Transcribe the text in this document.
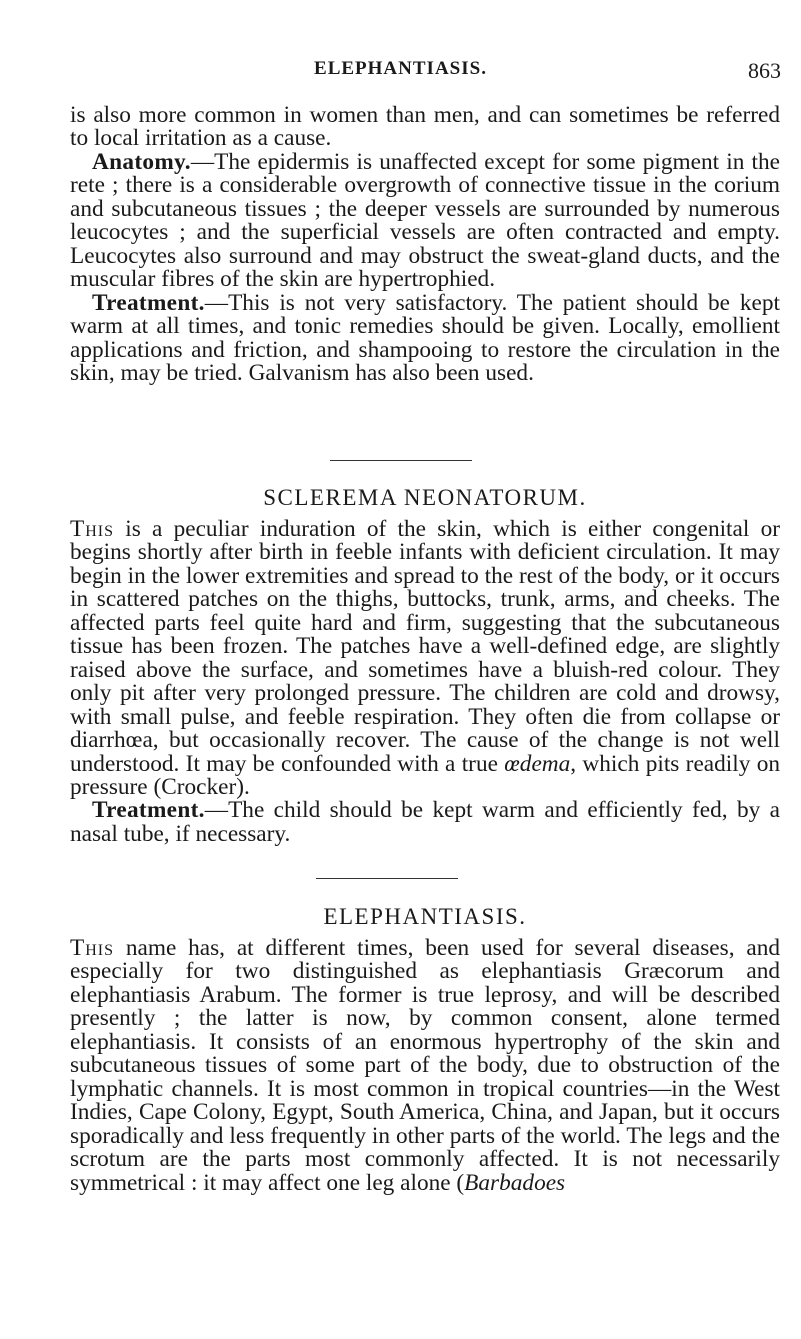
ELEPHANTIASIS.	863

is also more common in women than men, and can sometimes be referred to local irritation as a cause.

Anatomy.—The epidermis is unaffected except for some pigment in the rete ; there is a considerable overgrowth of connective tissue in the corium and subcutaneous tissues ; the deeper vessels are surrounded by numerous leucocytes ; and the superficial vessels are often contracted and empty. Leucocytes also surround and may obstruct the sweat-gland ducts, and the muscular fibres of the skin are hypertrophied.

Treatment.—This is not very satisfactory. The patient should be kept warm at all times, and tonic remedies should be given. Locally, emollient applications and friction, and shampooing to restore the circulation in the skin, may be tried. Galvanism has also been used.

SCLEREMA NEONATORUM.

This is a peculiar induration of the skin, which is either congenital or begins shortly after birth in feeble infants with deficient circulation. It may begin in the lower extremities and spread to the rest of the body, or it occurs in scattered patches on the thighs, buttocks, trunk, arms, and cheeks. The affected parts feel quite hard and firm, suggesting that the subcutaneous tissue has been frozen. The patches have a well-defined edge, are slightly raised above the surface, and sometimes have a bluish-red colour. They only pit after very prolonged pressure. The children are cold and drowsy, with small pulse, and feeble respiration. They often die from collapse or diarrhœa, but occasionally recover. The cause of the change is not well understood. It may be confounded with a true œdema, which pits readily on pressure (Crocker).

Treatment.—The child should be kept warm and efficiently fed, by a nasal tube, if necessary.

ELEPHANTIASIS.

This name has, at different times, been used for several diseases, and especially for two distinguished as elephantiasis Græcorum and elephantiasis Arabum. The former is true leprosy, and will be described presently ; the latter is now, by common consent, alone termed elephantiasis. It consists of an enormous hypertrophy of the skin and subcutaneous tissues of some part of the body, due to obstruction of the lymphatic channels. It is most common in tropical countries—in the West Indies, Cape Colony, Egypt, South America, China, and Japan, but it occurs sporadically and less frequently in other parts of the world. The legs and the scrotum are the parts most commonly affected. It is not necessarily symmetrical : it may affect one leg alone (Barbadoes
